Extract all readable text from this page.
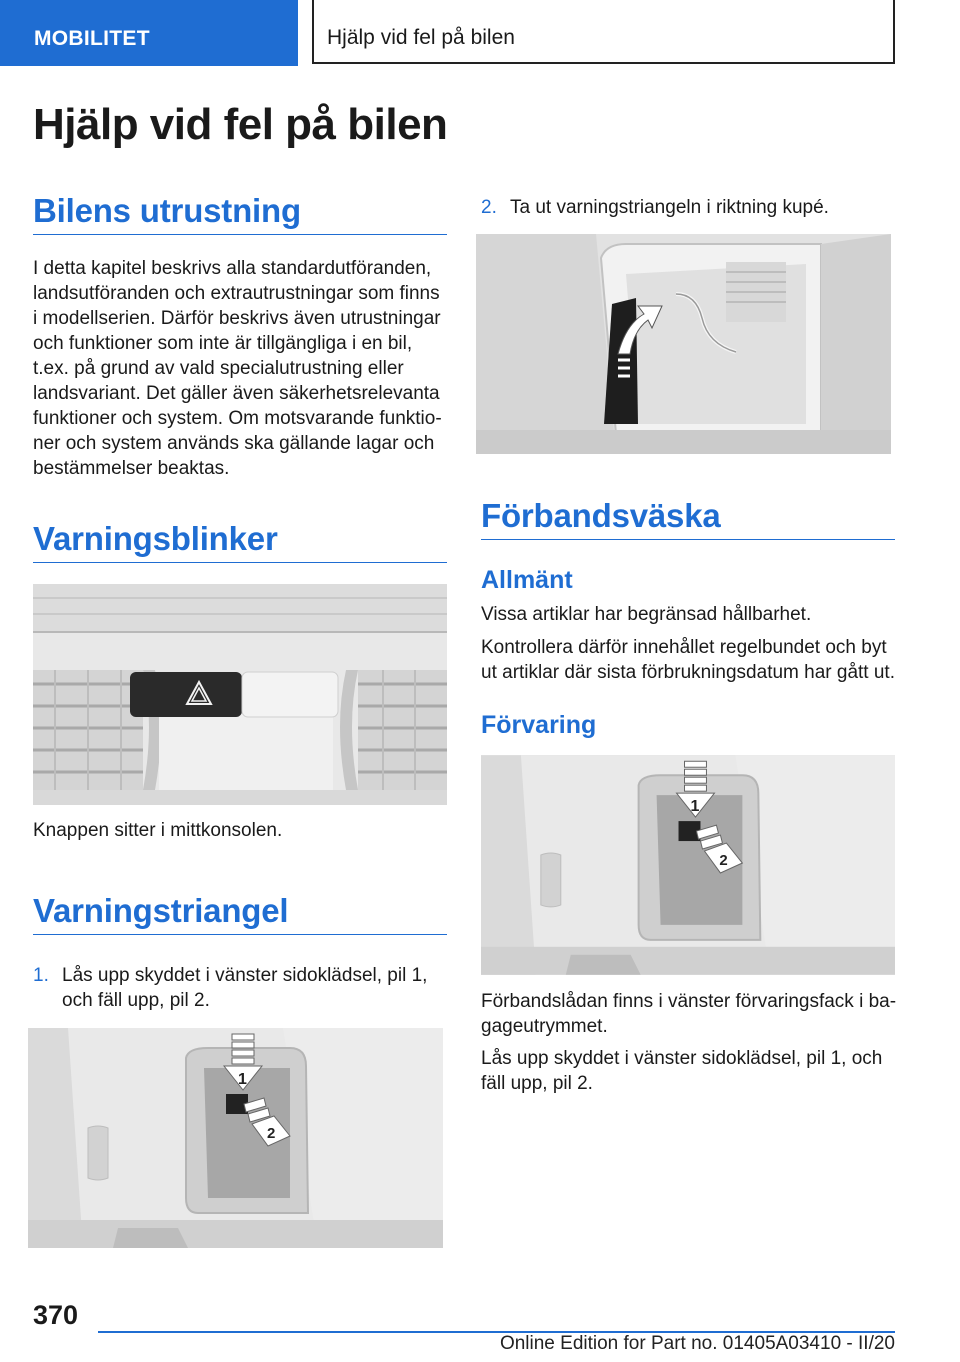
MOBILITET	Hjälp vid fel på bilen
Hjälp vid fel på bilen
Bilens utrustning
I detta kapitel beskrivs alla standardutföranden,
landsutföranden och extrautrustningar som finns
i modellserien. Därför beskrivs även utrustningar
och funktioner som inte är tillgängliga i en bil,
t.ex. på grund av vald specialutrustning eller
landsvariant. Det gäller även säkerhetsrelevanta
funktioner och system. Om motsvarande funktio-
ner och system används ska gällande lagar och
bestämmelser beaktas.
Varningsblinker
Knappen sitter i mittkonsolen.
Varningstriangel
1. Lås upp skyddet i vänster sidoklädsel, pil 1,
och fäll upp, pil 2.
1
2
2. Ta ut varningstriangeln i riktning kupé.
Förbandsväska
Allmänt
Vissa artiklar har begränsad hållbarhet.
Kontrollera därför innehållet regelbundet och byt
ut artiklar där sista förbrukningsdatum har gått ut.
Förvaring
1
2
Förbandslådan finns i vänster förvaringsfack i ba-
gageutrymmet.
Lås upp skyddet i vänster sidoklädsel, pil 1, och
fäll upp, pil 2.
370
Online Edition for Part no. 01405A03410 - II/20
